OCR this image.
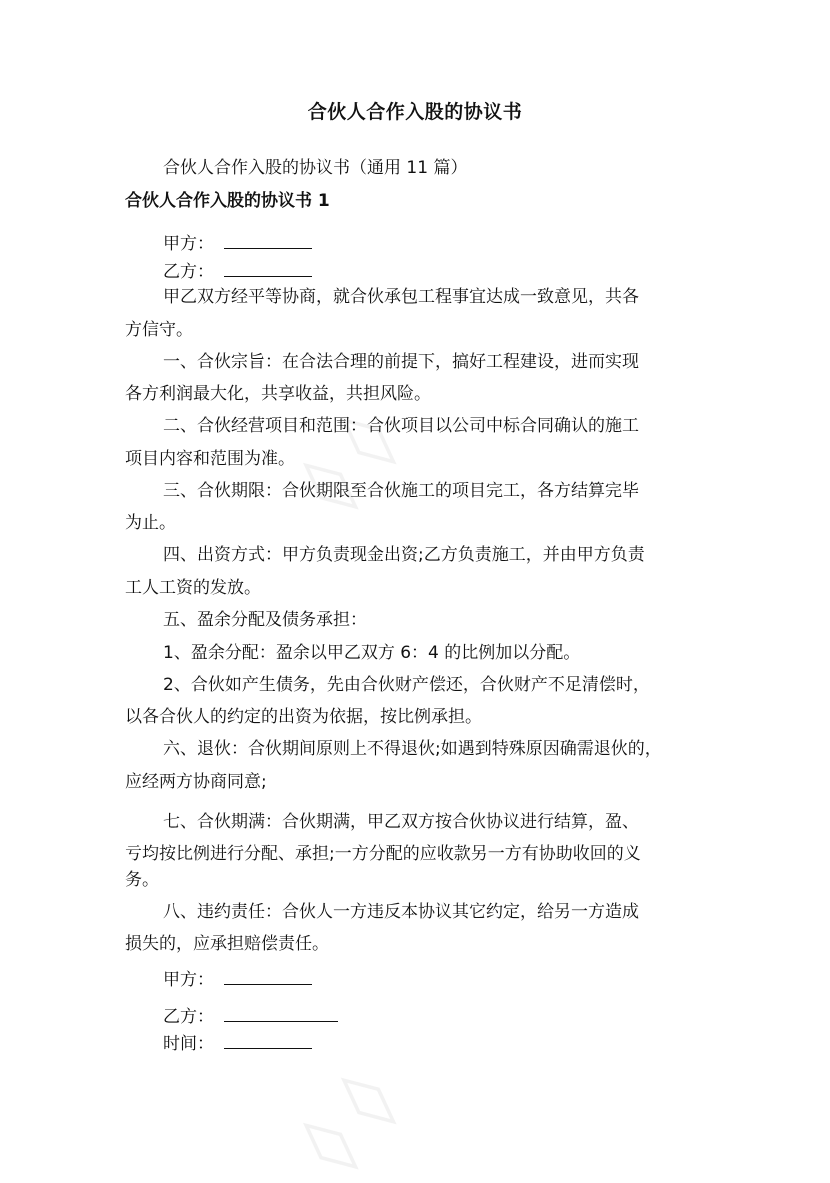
◊ ◊
◊ ◊
合伙人合作入股的协议书
合伙人合作入股的协议书（通用 11 篇）
合伙人合作入股的协议书 1
甲方：
乙方：
甲乙双方经平等协商，就合伙承包工程事宜达成一致意见，共各
方信守。
一、合伙宗旨：在合法合理的前提下，搞好工程建设，进而实现
各方利润最大化，共享收益，共担风险。
二、合伙经营项目和范围：合伙项目以公司中标合同确认的施工
项目内容和范围为准。
三、合伙期限：合伙期限至合伙施工的项目完工，各方结算完毕
为止。
四、出资方式：甲方负责现金出资;乙方负责施工，并由甲方负责
工人工资的发放。
五、盈余分配及债务承担：
1、盈余分配：盈余以甲乙双方 6：4 的比例加以分配。
2、合伙如产生债务，先由合伙财产偿还，合伙财产不足清偿时，
以各合伙人的约定的出资为依据，按比例承担。
六、退伙：合伙期间原则上不得退伙;如遇到特殊原因确需退伙的，
应经两方协商同意;
七、合伙期满：合伙期满，甲乙双方按合伙协议进行结算，盈、
亏均按比例进行分配、承担;一方分配的应收款另一方有协助收回的义
务。
八、违约责任：合伙人一方违反本协议其它约定，给另一方造成
损失的，应承担赔偿责任。
甲方：
乙方：
时间：
